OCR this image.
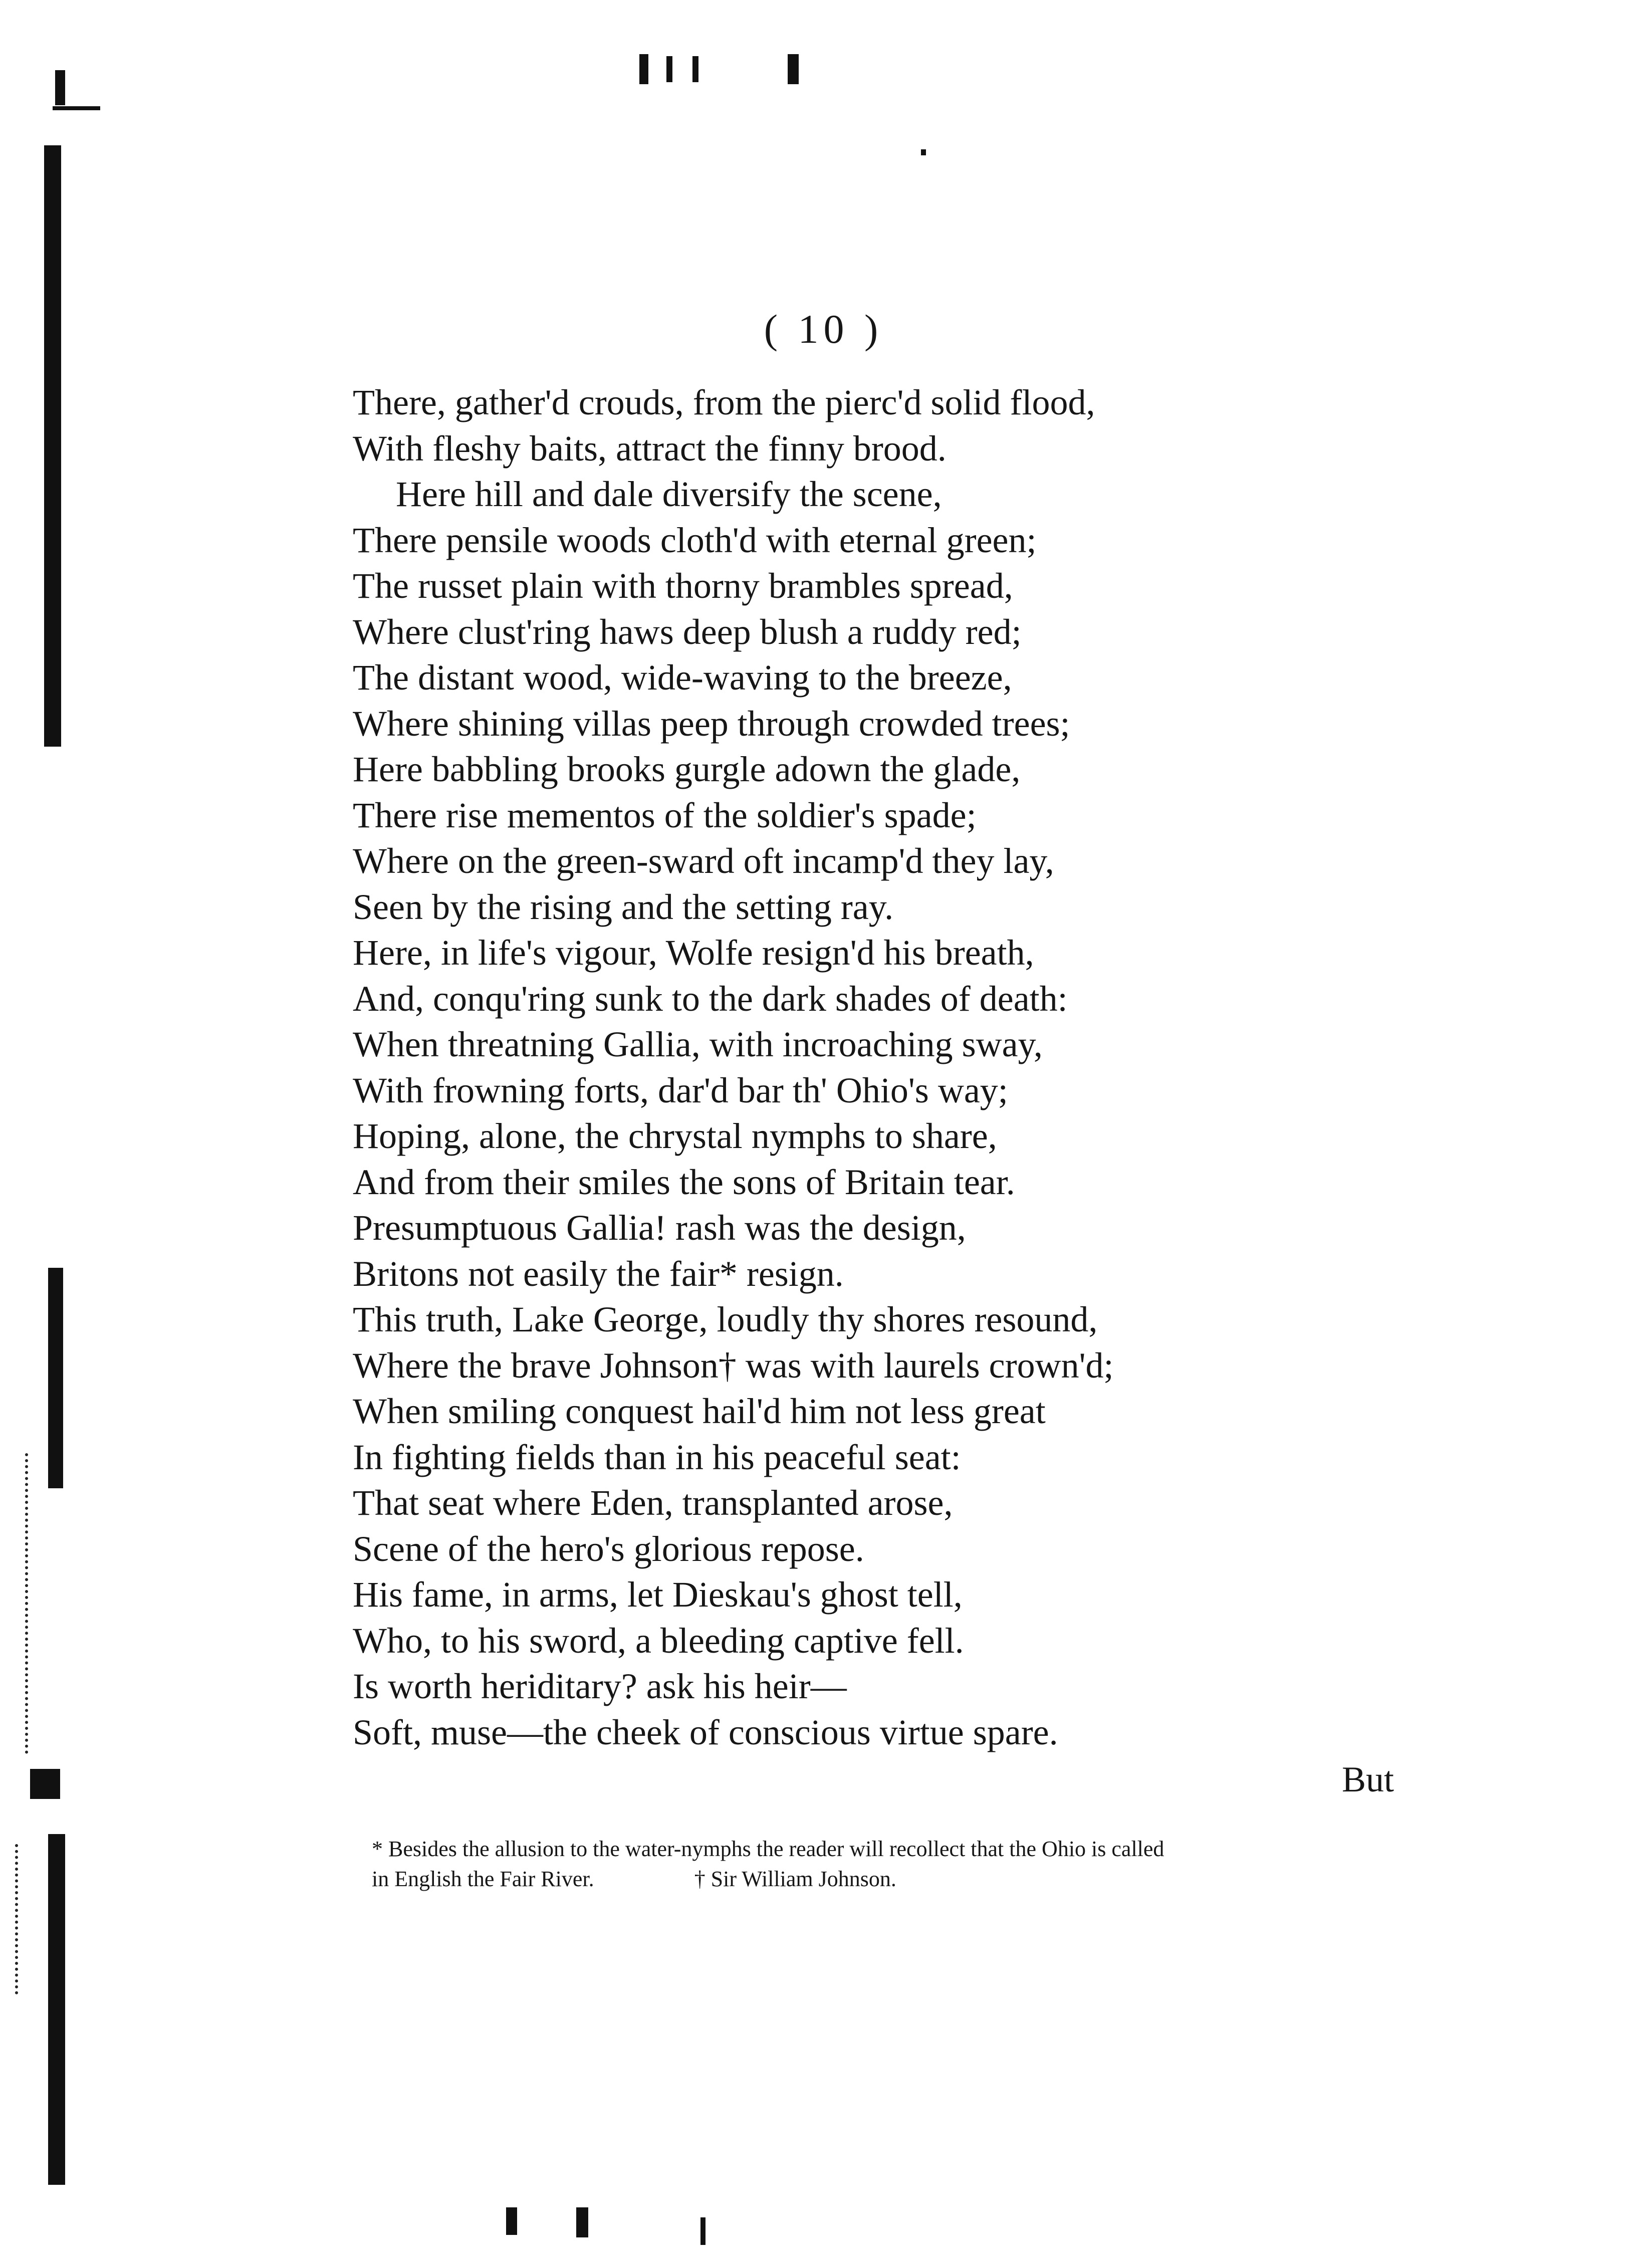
( 10 )
There, gather'd crouds, from the pierc'd solid flood,
With fleshy baits, attract the finny brood.
Here hill and dale diversify the scene,
There pensile woods cloth'd with eternal green;
The russet plain with thorny brambles spread,
Where clust'ring haws deep blush a ruddy red;
The distant wood, wide-waving to the breeze,
Where shining villas peep through crowded trees;
Here babbling brooks gurgle adown the glade,
There rise mementos of the soldier's spade;
Where on the green-sward oft incamp'd they lay,
Seen by the rising and the setting ray.
Here, in life's vigour, Wolfe resign'd his breath,
And, conqu'ring sunk to the dark shades of death:
When threatning Gallia, with incroaching sway,
With frowning forts, dar'd bar th' Ohio's way;
Hoping, alone, the chrystal nymphs to share,
And from their smiles the sons of Britain tear.
Presumptuous Gallia! rash was the design,
Britons not easily the fair* resign.
This truth, Lake George, loudly thy shores resound,
Where the brave Johnson† was with laurels crown'd;
When smiling conquest hail'd him not less great
In fighting fields than in his peaceful seat:
That seat where Eden, transplanted arose,
Scene of the hero's glorious repose.
His fame, in arms, let Dieskau's ghost tell,
Who, to his sword, a bleeding captive fell.
Is worth heriditary? ask his heir—
Soft, muse—the cheek of conscious virtue spare.
But
* Besides the allusion to the water-nymphs the reader will recollect that the Ohio is called
in English the Fair River.	† Sir William Johnson.
